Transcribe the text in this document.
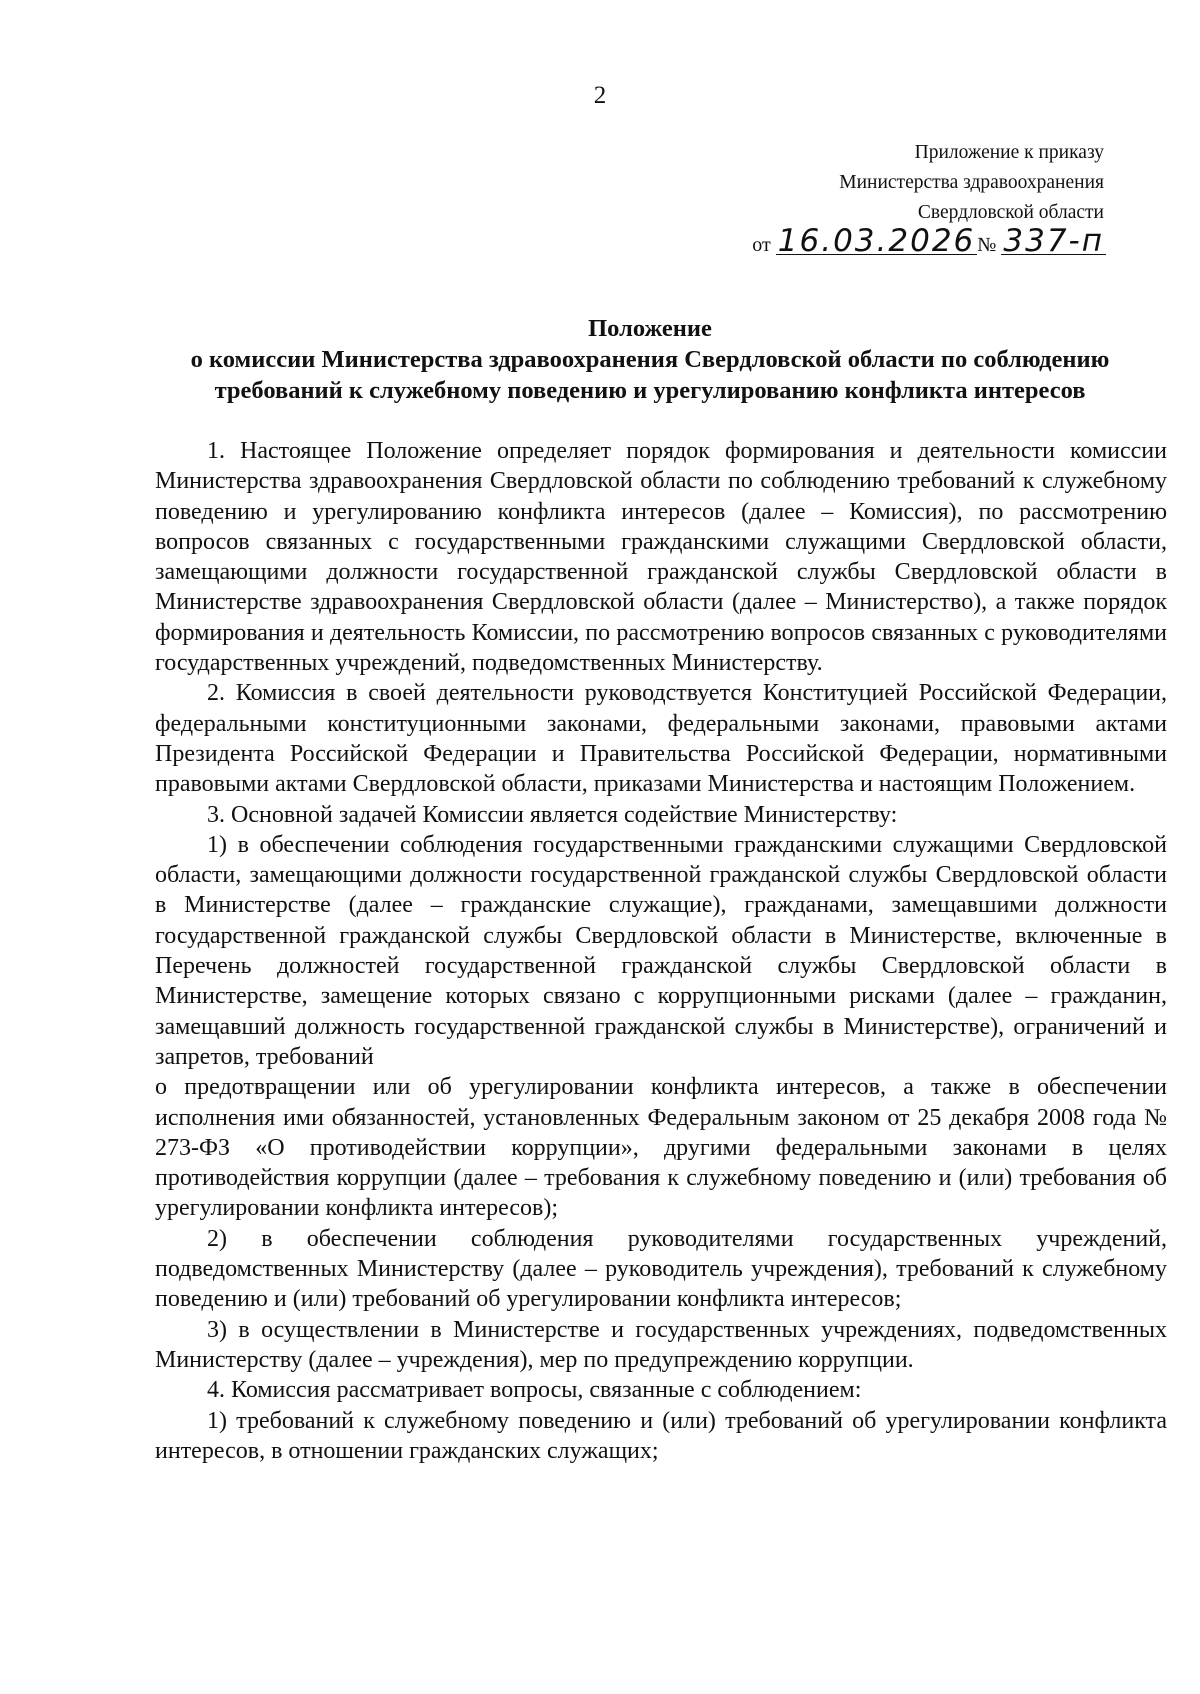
2
Приложение к приказу
Министерства здравоохранения
Свердловской области
от 16.03.2026 № 337-п
Положение
о комиссии Министерства здравоохранения Свердловской области по соблюдению
требований к служебному поведению и урегулированию конфликта интересов

1. Настоящее Положение определяет порядок формирования и деятельности комиссии Министерства здравоохранения Свердловской области по соблюдению требований к служебному поведению и урегулированию конфликта интересов (далее – Комиссия), по рассмотрению вопросов связанных с государственными гражданскими служащими Свердловской области, замещающими должности государственной гражданской службы Свердловской области в Министерстве здравоохранения Свердловской области (далее – Министерство), а также порядок формирования и деятельность Комиссии, по рассмотрению вопросов связанных с руководителями государственных учреждений, подведомственных Министерству.

2. Комиссия в своей деятельности руководствуется Конституцией Российской Федерации, федеральными конституционными законами, федеральными законами, правовыми актами Президента Российской Федерации и Правительства Российской Федерации, нормативными правовыми актами Свердловской области, приказами Министерства и настоящим Положением.

3. Основной задачей Комиссии является содействие Министерству:

1) в обеспечении соблюдения государственными гражданскими служащими Свердловской области, замещающими должности государственной гражданской службы Свердловской области в Министерстве (далее – гражданские служащие), гражданами, замещавшими должности государственной гражданской службы Свердловской области в Министерстве, включенные в Перечень должностей государственной гражданской службы Свердловской области в Министерстве, замещение которых связано с коррупционными рисками (далее – гражданин, замещавший должность государственной гражданской службы в Министерстве), ограничений и запретов, требований

о предотвращении или об урегулировании конфликта интересов, а также в обеспечении исполнения ими обязанностей, установленных Федеральным законом от 25 декабря 2008 года № 273-ФЗ «О противодействии коррупции», другими федеральными законами в целях противодействия коррупции (далее – требования к служебному поведению и (или) требования об урегулировании конфликта интересов);

2) в обеспечении соблюдения руководителями государственных учреждений, подведомственных Министерству (далее – руководитель учреждения), требований к служебному поведению и (или) требований об урегулировании конфликта интересов;

3) в осуществлении в Министерстве и государственных учреждениях, подведомственных Министерству (далее – учреждения), мер по предупреждению коррупции.

4. Комиссия рассматривает вопросы, связанные с соблюдением:

1) требований к служебному поведению и (или) требований об урегулировании конфликта интересов, в отношении гражданских служащих;
